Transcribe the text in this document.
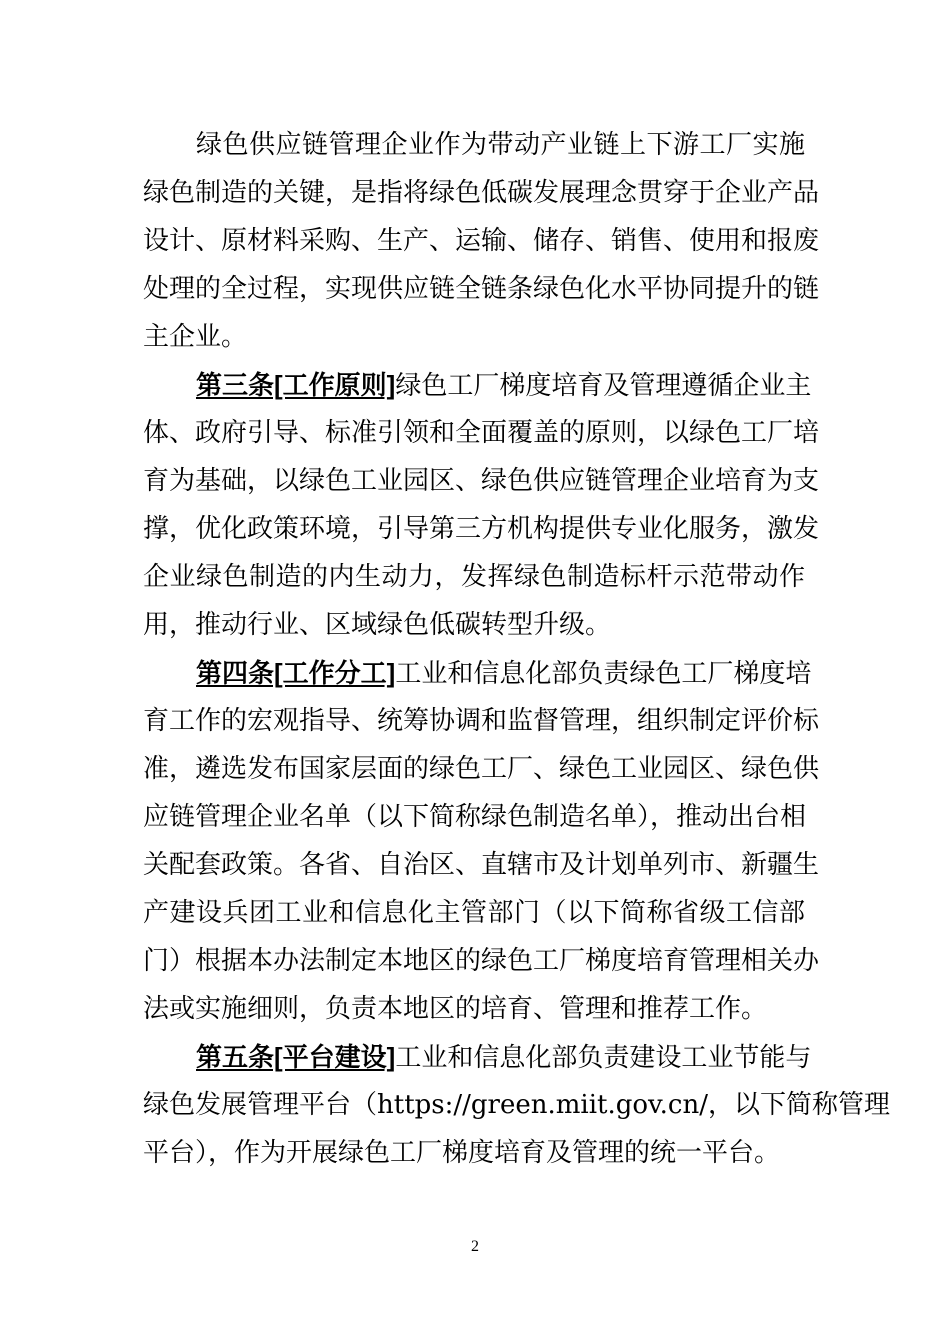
绿色供应链管理企业作为带动产业链上下游工厂实施
绿色制造的关键，是指将绿色低碳发展理念贯穿于企业产品
设计、原材料采购、生产、运输、储存、销售、使用和报废
处理的全过程，实现供应链全链条绿色化水平协同提升的链
主企业。
第三条[工作原则]绿色工厂梯度培育及管理遵循企业主
体、政府引导、标准引领和全面覆盖的原则，以绿色工厂培
育为基础，以绿色工业园区、绿色供应链管理企业培育为支
撑，优化政策环境，引导第三方机构提供专业化服务，激发
企业绿色制造的内生动力，发挥绿色制造标杆示范带动作
用，推动行业、区域绿色低碳转型升级。
第四条[工作分工]工业和信息化部负责绿色工厂梯度培
育工作的宏观指导、统筹协调和监督管理，组织制定评价标
准，遴选发布国家层面的绿色工厂、绿色工业园区、绿色供
应链管理企业名单（以下简称绿色制造名单），推动出台相
关配套政策。各省、自治区、直辖市及计划单列市、新疆生
产建设兵团工业和信息化主管部门（以下简称省级工信部
门）根据本办法制定本地区的绿色工厂梯度培育管理相关办
法或实施细则，负责本地区的培育、管理和推荐工作。
第五条[平台建设]工业和信息化部负责建设工业节能与
绿色发展管理平台（https://green.miit.gov.cn/，以下简称管理
平台），作为开展绿色工厂梯度培育及管理的统一平台。
2
